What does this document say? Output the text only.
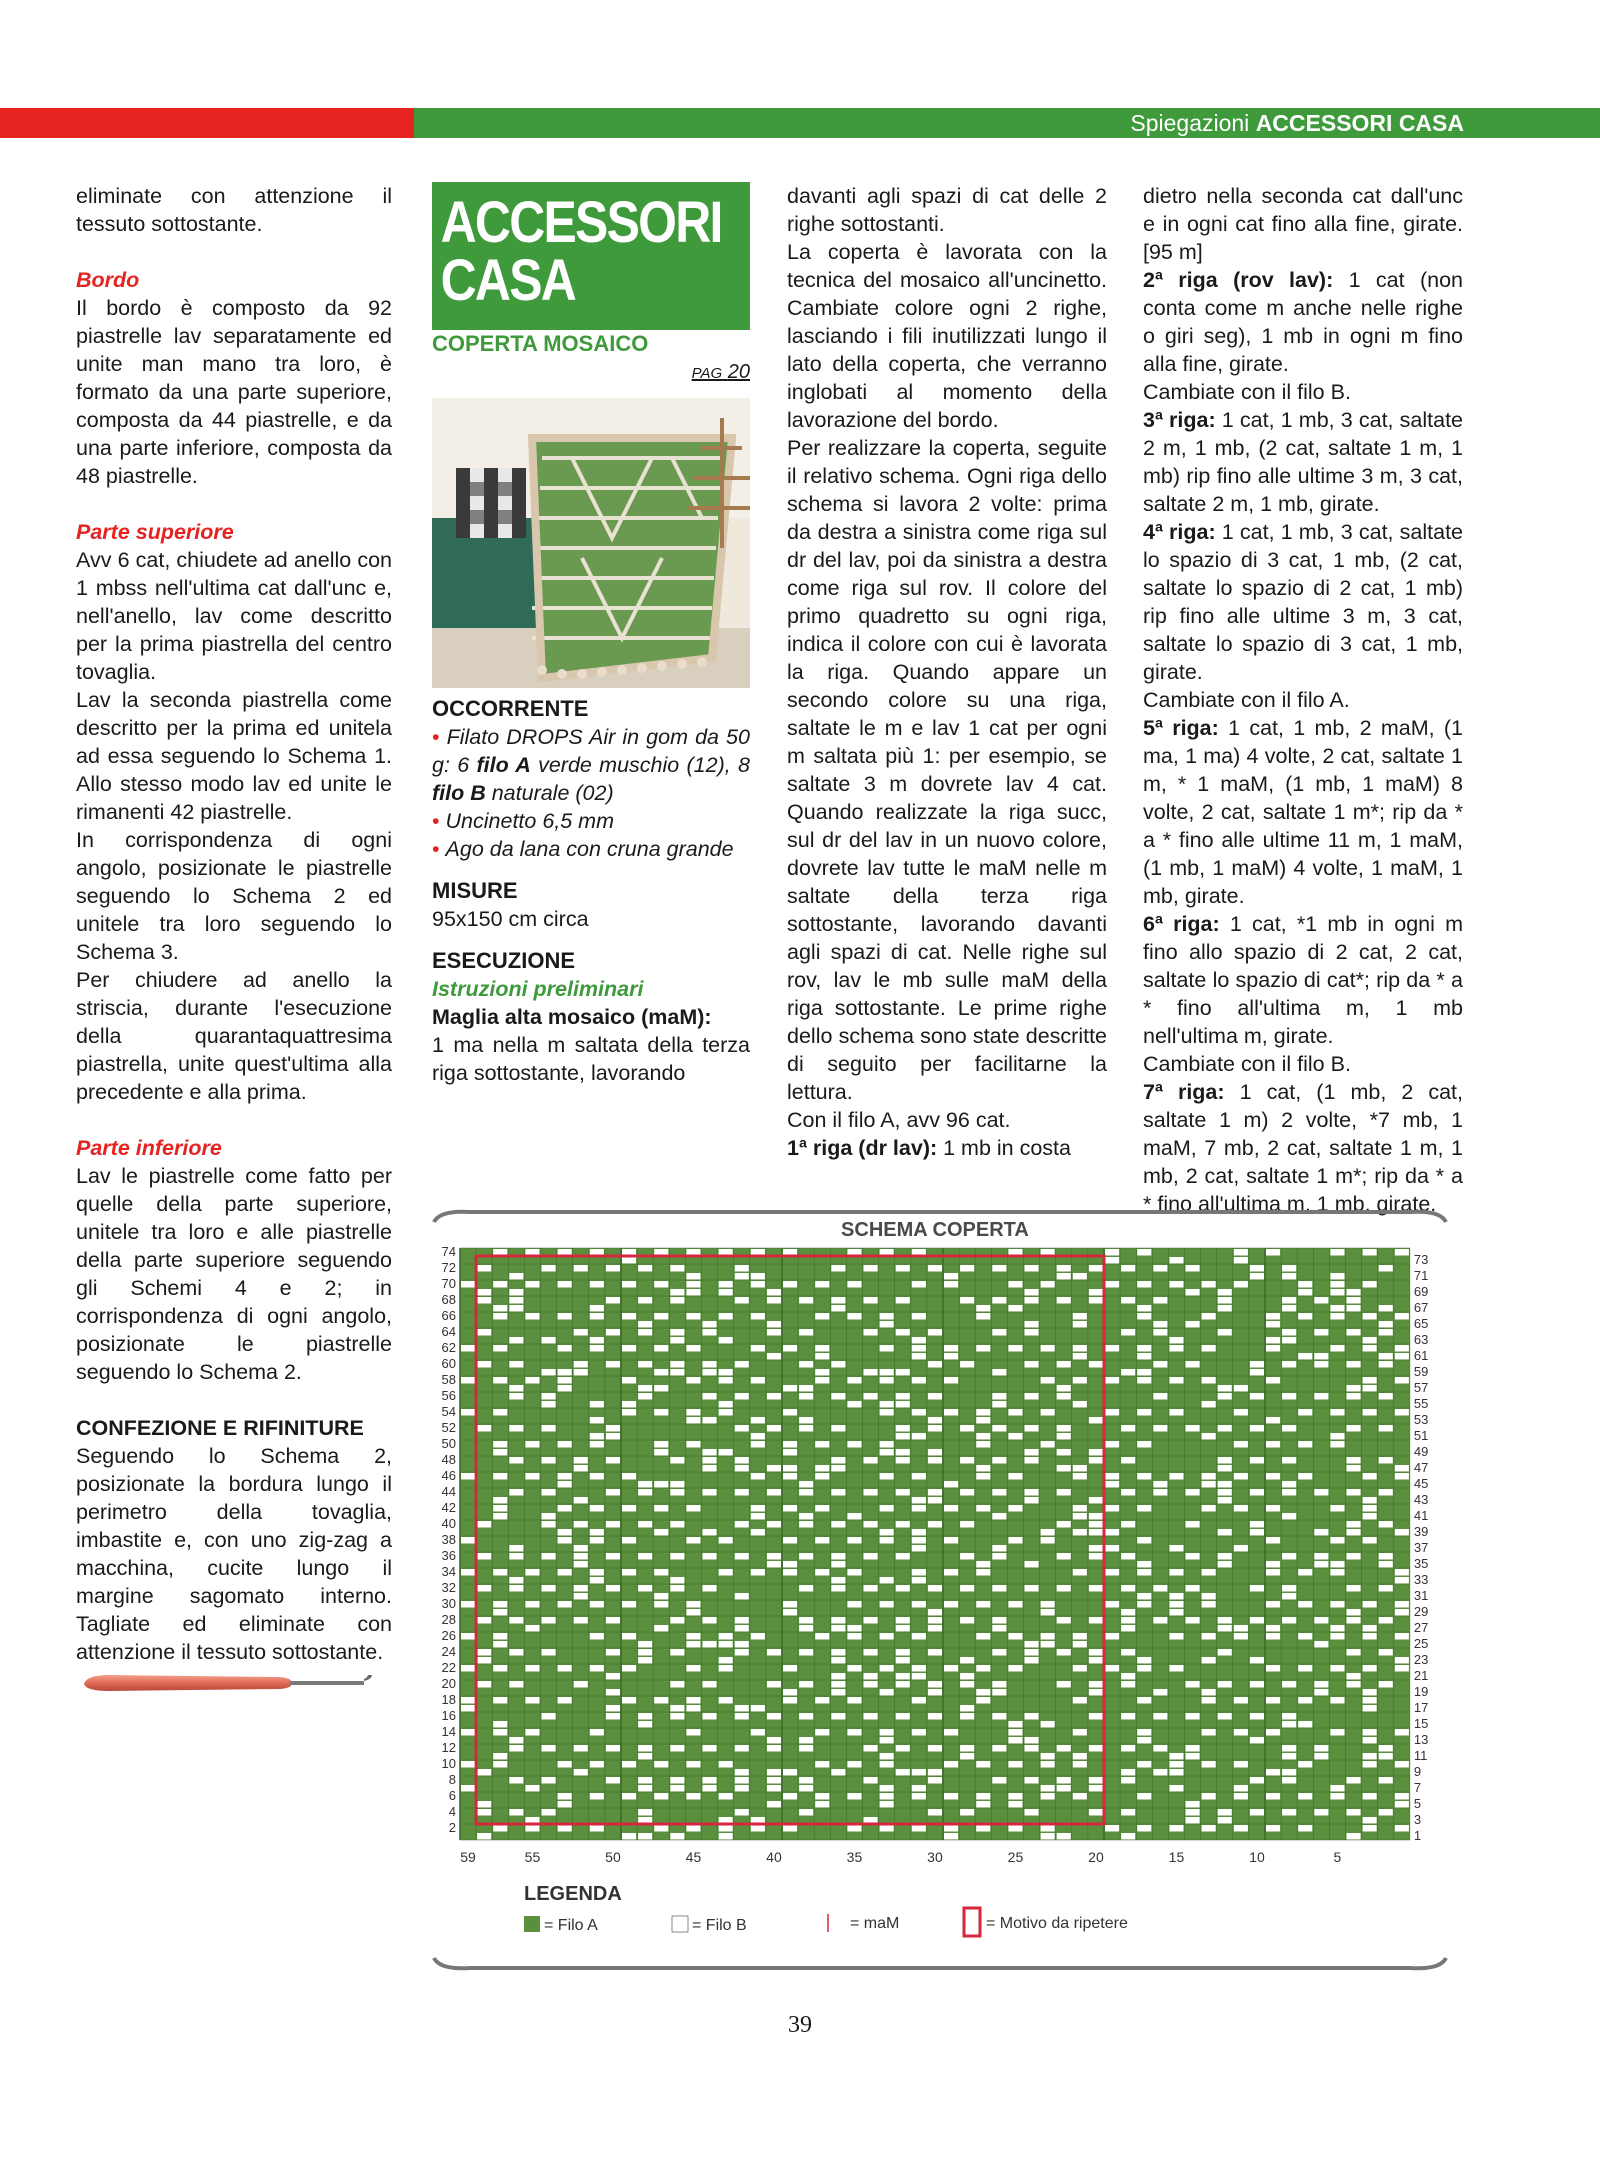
Spiegazioni ACCESSORI CASA

eliminate con attenzione il tessuto sottostante.

Bordo

Il bordo è composto da 92 piastrelle lav separatamente ed unite man mano tra loro, è formato da una parte superiore, composta da 44 piastrelle, e da una parte inferiore, composta da 48 piastrelle.

Parte superiore

Avv 6 cat, chiudete ad anello con 1 mbss nell'ultima cat dall'unc e, nell'anello, lav come descritto per la prima piastrella del centro tovaglia.

Lav la seconda piastrella come descritto per la prima ed unitela ad essa seguendo lo Schema 1. Allo stesso modo lav ed unite le rimanenti 42 piastrelle.

In corrispondenza di ogni angolo, posizionate le piastrelle seguendo lo Schema 2 ed unitele tra loro seguendo lo Schema 3.

Per chiudere ad anello la striscia, durante l'esecuzione della quarantaquattresima piastrella, unite quest'ultima alla precedente e alla prima.

Parte inferiore

Lav le piastrelle come fatto per quelle della parte superiore, unitele tra loro e alle piastrelle della parte superiore seguendo gli Schemi 4 e 2; in corrispondenza di ogni angolo, posizionate le piastrelle seguendo lo Schema 2.

CONFEZIONE E RIFINITURE

Seguendo lo Schema 2, posizionate la bordura lungo il perimetro della tovaglia, imbastite e, con uno zig-zag a macchina, cucite lungo il margine sagomato interno. Tagliate ed eliminate con attenzione il tessuto sottostante.

ACCESSORI
CASA

COPERTA MOSAICO

PAG 20

OCCORRENTE

• Filato DROPS Air in gom da 50 g: 6 filo A verde muschio (12), 8 filo B naturale (02)

• Uncinetto 6,5 mm

• Ago da lana con cruna grande

MISURE

95x150 cm circa

ESECUZIONE

Istruzioni preliminari

Maglia alta mosaico (maM):

1 ma nella m saltata della terza riga sottostante, lavorando

davanti agli spazi di cat delle 2 righe sottostanti.

La coperta è lavorata con la tecnica del mosaico all'uncinetto. Cambiate colore ogni 2 righe, lasciando i fili inutilizzati lungo il lato della coperta, che verranno inglobati al momento della lavorazione del bordo.

Per realizzare la coperta, seguite il relativo schema. Ogni riga dello schema si lavora 2 volte: prima da destra a sinistra come riga sul dr del lav, poi da sinistra a destra come riga sul rov. Il colore del primo quadretto su ogni riga, indica il colore con cui è lavorata la riga. Quando appare un secondo colore su una riga, saltate le m e lav 1 cat per ogni m saltata più 1: per esempio, se saltate 3 m dovrete lav 4 cat. Quando realizzate la riga succ, sul dr del lav in un nuovo colore, dovrete lav tutte le maM nelle m saltate della terza riga sottostante, lavorando davanti agli spazi di cat. Nelle righe sul rov, lav le mb sulle maM della riga sottostante. Le prime righe dello schema sono state descritte di seguito per facilitarne la lettura.

Con il filo A, avv 96 cat.

1ª riga (dr lav): 1 mb in costa

dietro nella seconda cat dall'unc e in ogni cat fino alla fine, girate. [95 m]

2ª riga (rov lav): 1 cat (non conta come m anche nelle righe o giri seg), 1 mb in ogni m fino alla fine, girate.

Cambiate con il filo B.

3ª riga: 1 cat, 1 mb, 3 cat, saltate 2 m, 1 mb, (2 cat, saltate 1 m, 1 mb) rip fino alle ultime 3 m, 3 cat, saltate 2 m, 1 mb, girate.

4ª riga: 1 cat, 1 mb, 3 cat, saltate lo spazio di 3 cat, 1 mb, (2 cat, saltate lo spazio di 2 cat, 1 mb) rip fino alle ultime 3 m, 3 cat, saltate lo spazio di 3 cat, 1 mb, girate.

Cambiate con il filo A.

5ª riga: 1 cat, 1 mb, 2 maM, (1 ma, 1 ma) 4 volte, 2 cat, saltate 1 m, * 1 maM, (1 mb, 1 maM) 8 volte, 2 cat, saltate 1 m*; rip da * a * fino alle ultime 11 m, 1 maM, (1 mb, 1 maM) 4 volte, 1 maM, 1 mb, girate.

6ª riga: 1 cat, *1 mb in ogni m fino allo spazio di 2 cat, 2 cat, saltate lo spazio di cat*; rip da * a * fino all'ultima m, 1 mb nell'ultima m, girate.

Cambiate con il filo B.

7ª riga: 1 cat, (1 mb, 2 cat, saltate 1 m) 2 volte, *7 mb, 1 maM, 7 mb, 2 cat, saltate 1 m, 1 mb, 2 cat, saltate 1 m*; rip da * a * fino all'ultima m, 1 mb, girate.

SCHEMA COPERTA
2
4
6
8
10
12
14
16
18
20
22
24
26
28
30
32
34
36
38
40
42
44
46
48
50
52
54
56
58
60
62
64
66
68
70
72
74
1
3
5
7
9
11
13
15
17
19
21
23
25
27
29
31
33
35
37
39
41
43
45
47
49
51
53
55
57
59
61
63
65
67
69
71
73
59	55	50	45	40	35	30	25	20	15	10	5
LEGENDA
= Filo A	= Filo B	= maM	= Motivo da ripetere
39
